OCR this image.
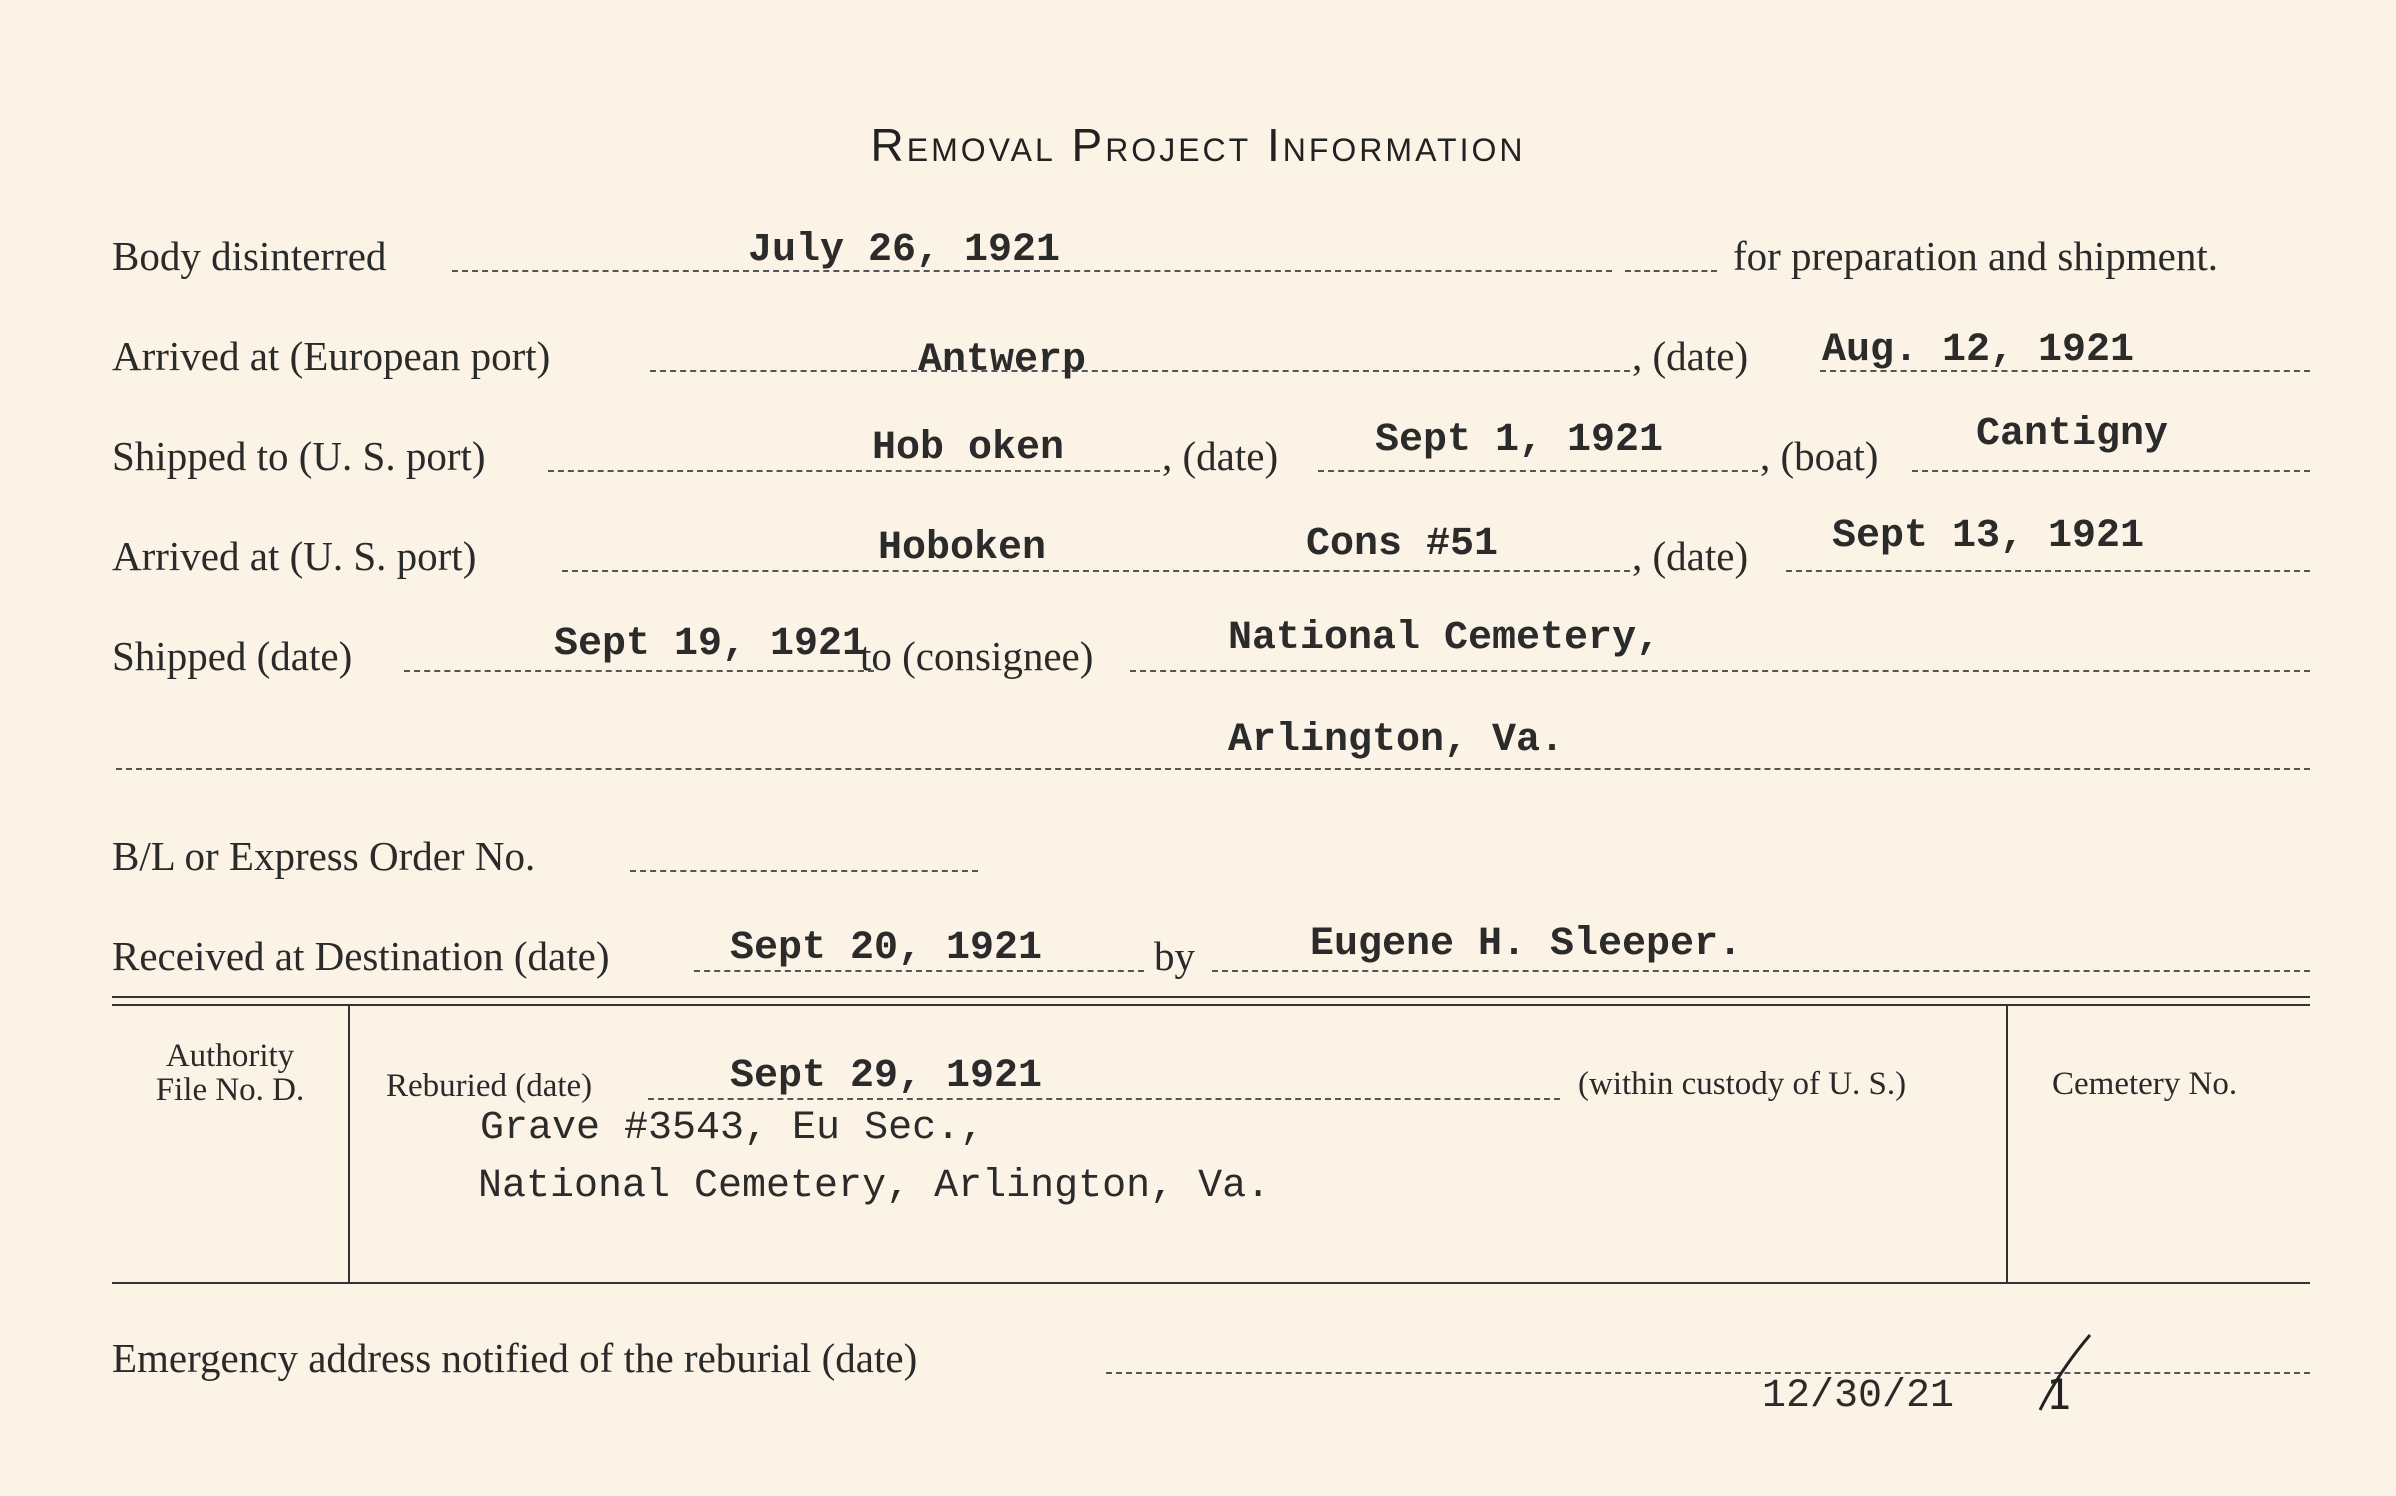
Removal Project Information
Body disinterred	July 26, 1921	for preparation and shipment.
Arrived at (European port)	Antwerp	, (date) Aug. 12, 1921
Shipped to (U. S. port)	Hob oken , (date) Sept 1, 1921 , (boat) Cantigny
Arrived at (U. S. port)	Hoboken	Cons #51	, (date) Sept 13, 1921
Shipped (date)	Sept 19, 1921
to (consignee)	National Cemetery,
Arlington, Va.
B/L or Express Order No.
Received at Destination (date)	Sept 20, 1921	by	Eugene H. Sleeper.
Authority
File No. D.	Reburied (date)	Sept 29, 1921	(within custody of U. S.)	Cemetery No.
Grave #3543, Eu Sec.,
National Cemetery, Arlington, Va.
Emergency address notified of the reburial (date)
12/30/21 1
